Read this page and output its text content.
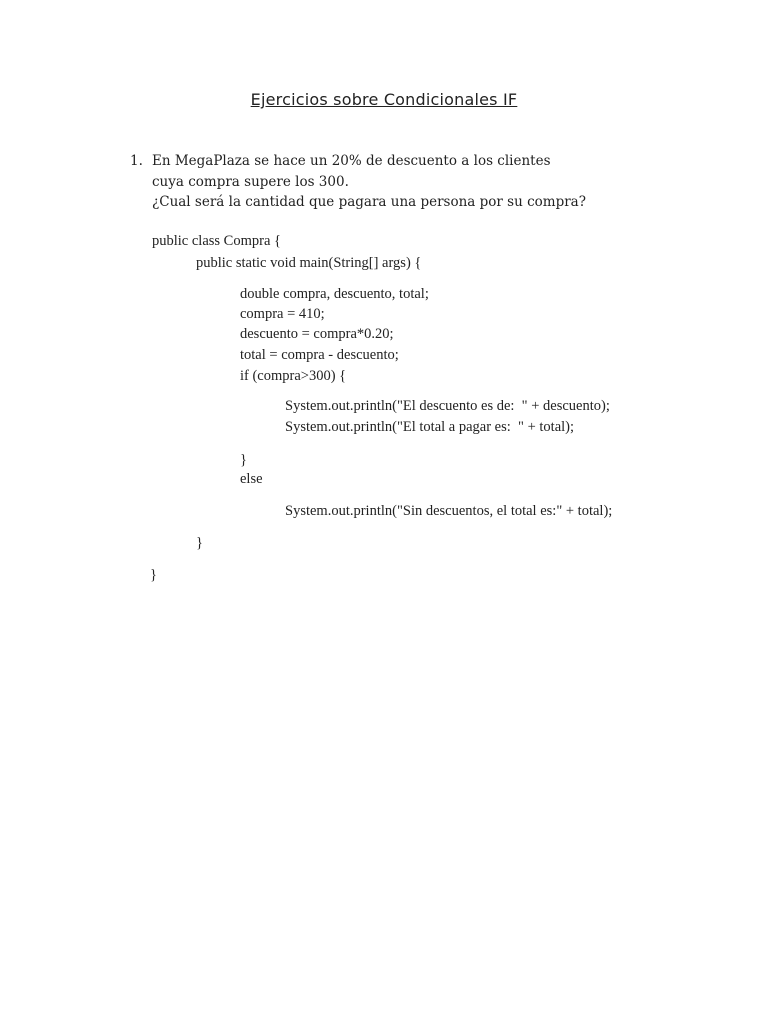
Ejercicios sobre Condicionales IF
1. En MegaPlaza se hace un 20% de descuento a los clientes
cuya compra supere los 300.
¿Cual será la cantidad que pagara una persona por su compra?
public class Compra {
public static void main(String[] args) {
double compra, descuento, total;
compra = 410;
descuento = compra*0.20;
total = compra - descuento;
if (compra>300) {
System.out.println("El descuento es de:  " + descuento);
System.out.println("El total a pagar es:  " + total);
}
else
System.out.println("Sin descuentos, el total es:" + total);
}
}
